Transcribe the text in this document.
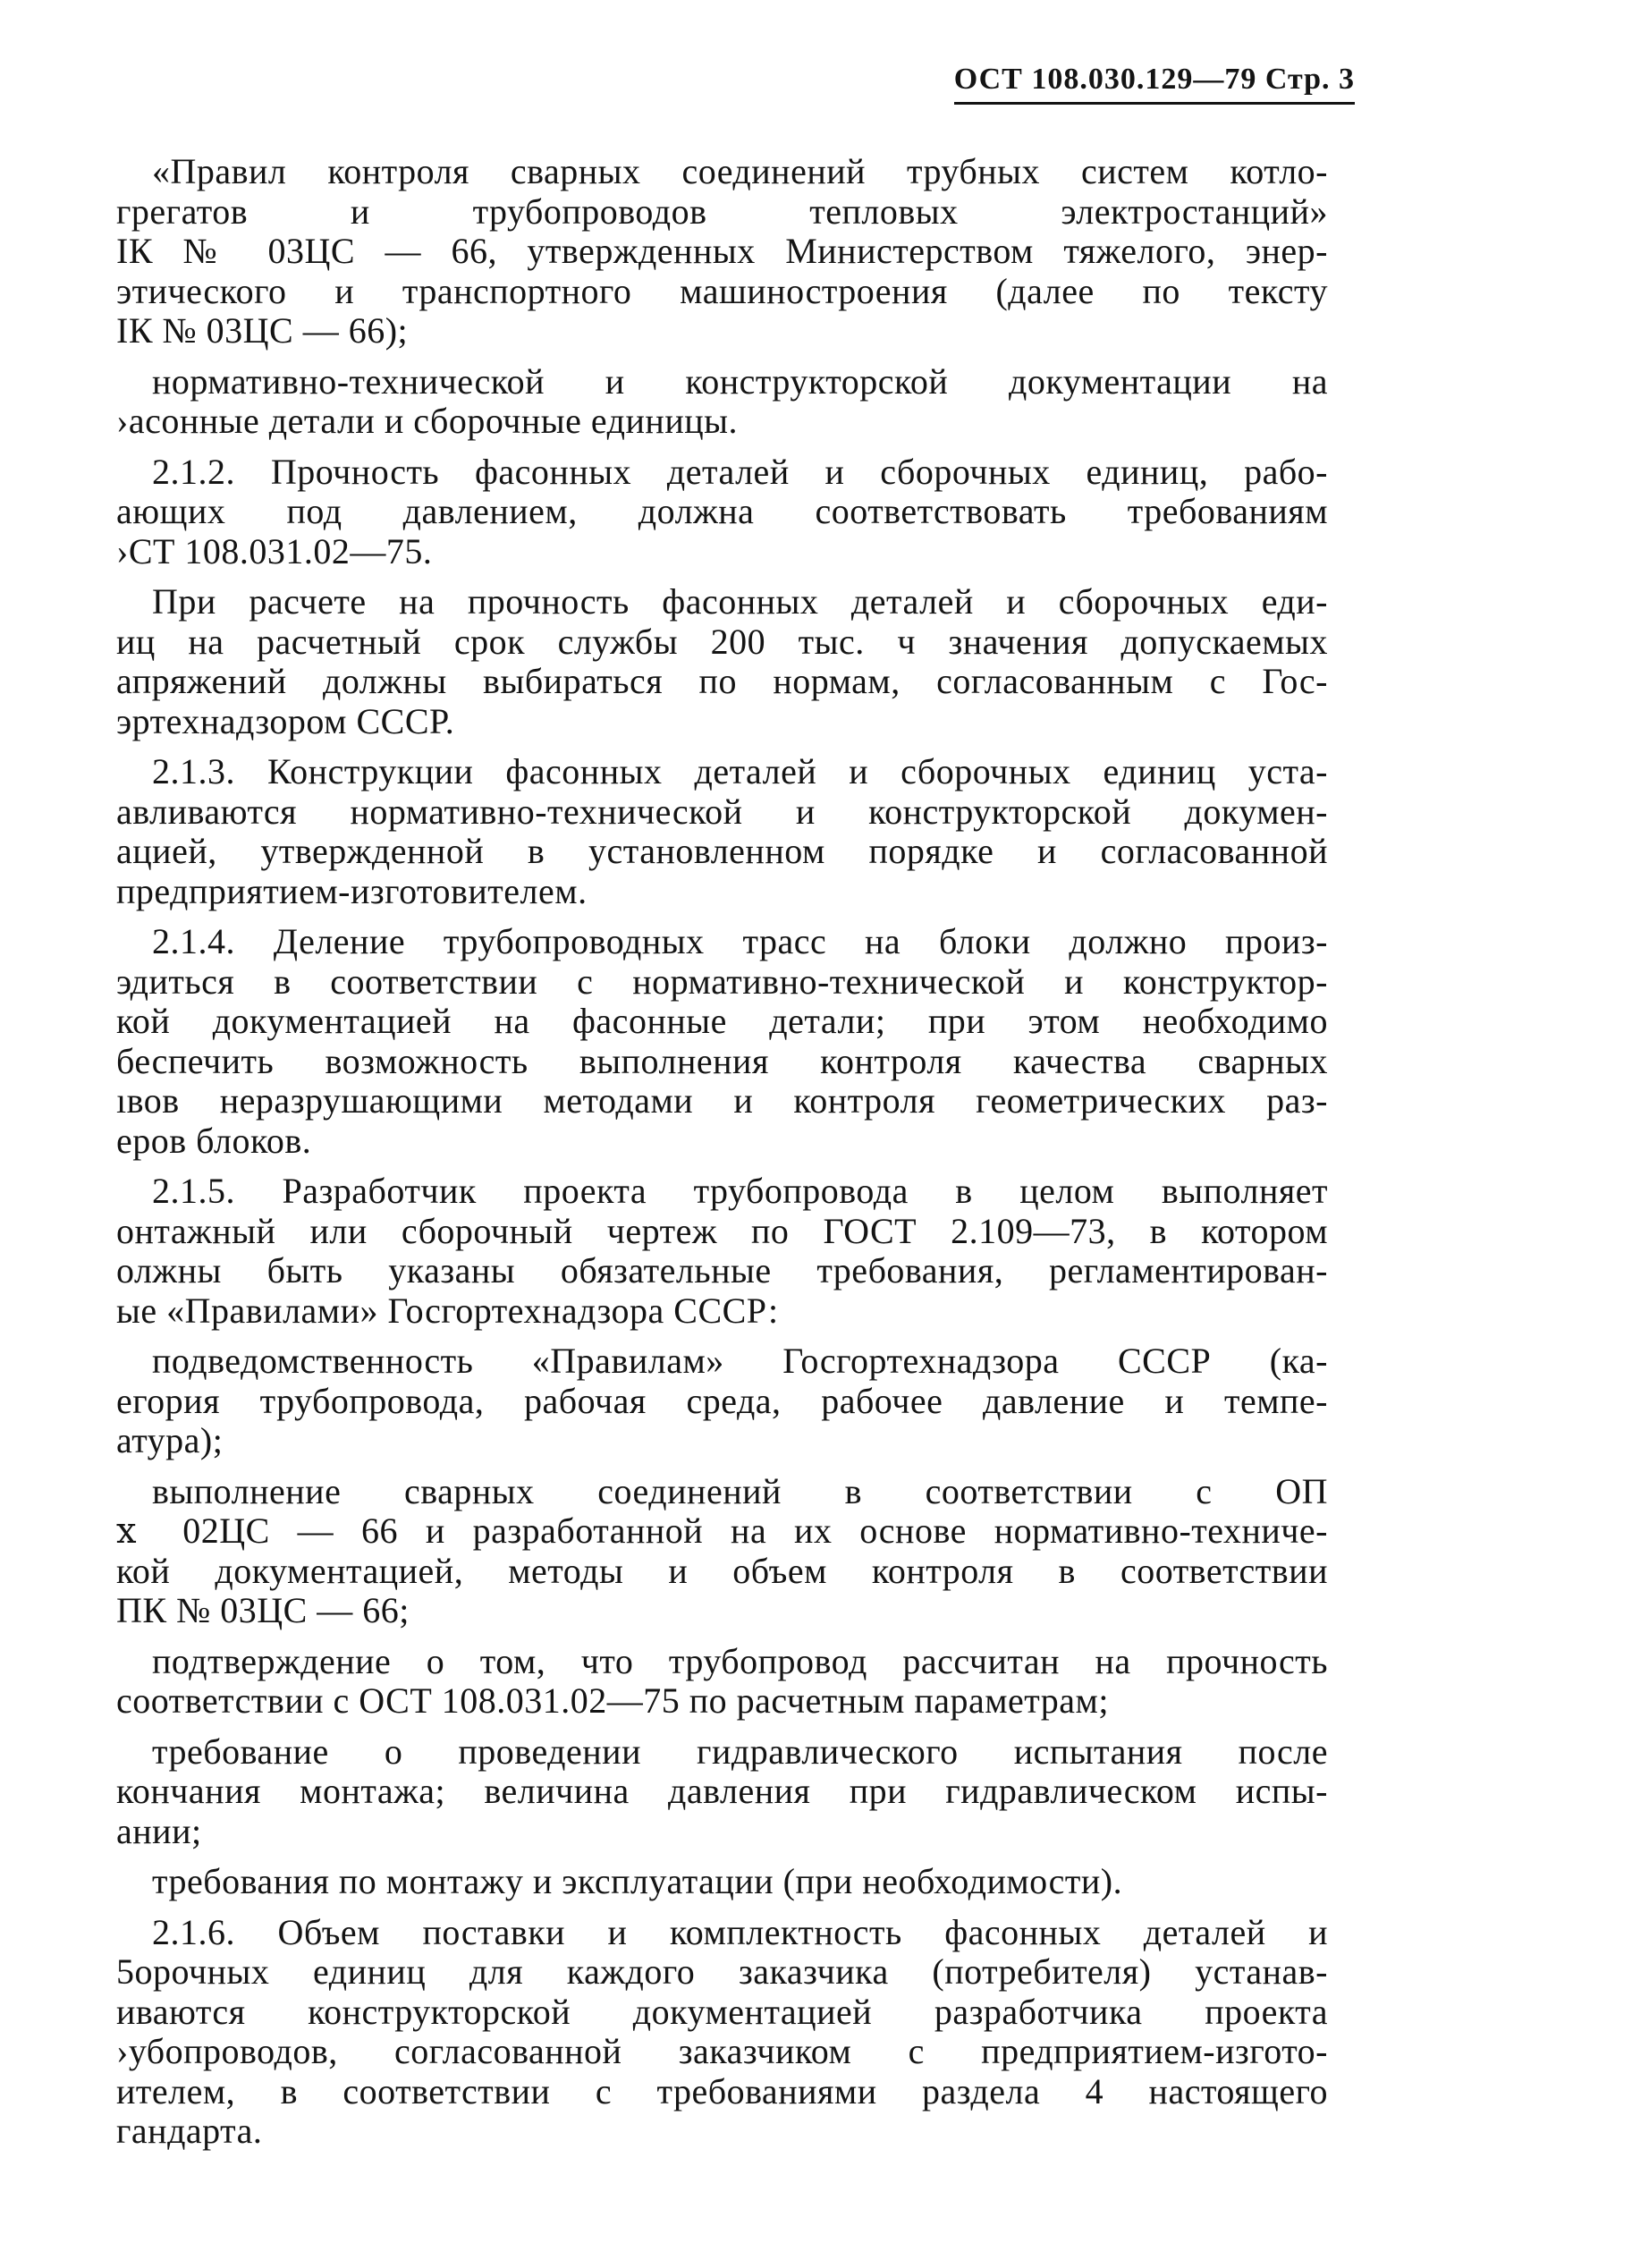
ОСТ 108.030.129—79 Стр. 3
«Правил контроля сварных соединений трубных систем котло-
грегатов и трубопроводов тепловых электростанций»
IК № 03ЦС — 66, утвержденных Министерством тяжелого, энер-
этического и транспортного машиностроения (далее по тексту
IК № 03ЦС — 66);
нормативно-технической и конструкторской документации на
›асонные детали и сборочные единицы.
2.1.2. Прочность фасонных деталей и сборочных единиц, рабо-
ающих под давлением, должна соответствовать требованиям
›СТ 108.031.02—75.
При расчете на прочность фасонных деталей и сборочных еди-
иц на расчетный срок службы 200 тыс. ч значения допускаемых
апряжений должны выбираться по нормам, согласованным с Гос-
эртехнадзором СССР.
2.1.3. Конструкции фасонных деталей и сборочных единиц уста-
авливаются нормативно-технической и конструкторской докумен-
ацией, утвержденной в установленном порядке и согласованной
предприятием-изготовителем.
2.1.4. Деление трубопроводных трасс на блоки должно произ-
эдиться в соответствии с нормативно-технической и конструктор-
кой документацией на фасонные детали; при этом необходимо
беспечить возможность выполнения контроля качества сварных
ıвов неразрушающими методами и контроля геометрических раз-
еров блоков.
2.1.5. Разработчик проекта трубопровода в целом выполняет
онтажный или сборочный чертеж по ГОСТ 2.109—73, в котором
олжны быть указаны обязательные требования, регламентирован-
ые «Правилами» Госгортехнадзора СССР:
подведомственность «Правилам» Госгортехнадзора СССР (ка-
егория трубопровода, рабочая среда, рабочее давление и темпе-
атура);
выполнение сварных соединений в соответствии с ОП
ⅹ 02ЦС — 66 и разработанной на их основе нормативно-техниче-
кой документацией, методы и объем контроля в соответствии
ПК № 03ЦС — 66;
подтверждение о том, что трубопровод рассчитан на прочность
соответствии с ОСТ 108.031.02—75 по расчетным параметрам;
требование о проведении гидравлического испытания после
кончания монтажа; величина давления при гидравлическом испы-
ании;
требования по монтажу и эксплуатации (при необходимости).
2.1.6. Объем поставки и комплектность фасонных деталей и
5орочных единиц для каждого заказчика (потребителя) устанав-
иваются конструкторской документацией разработчика проекта
›убопроводов, согласованной заказчиком с предприятием-изгото-
ителем, в соответствии с требованиями раздела 4 настоящего
гандарта.
